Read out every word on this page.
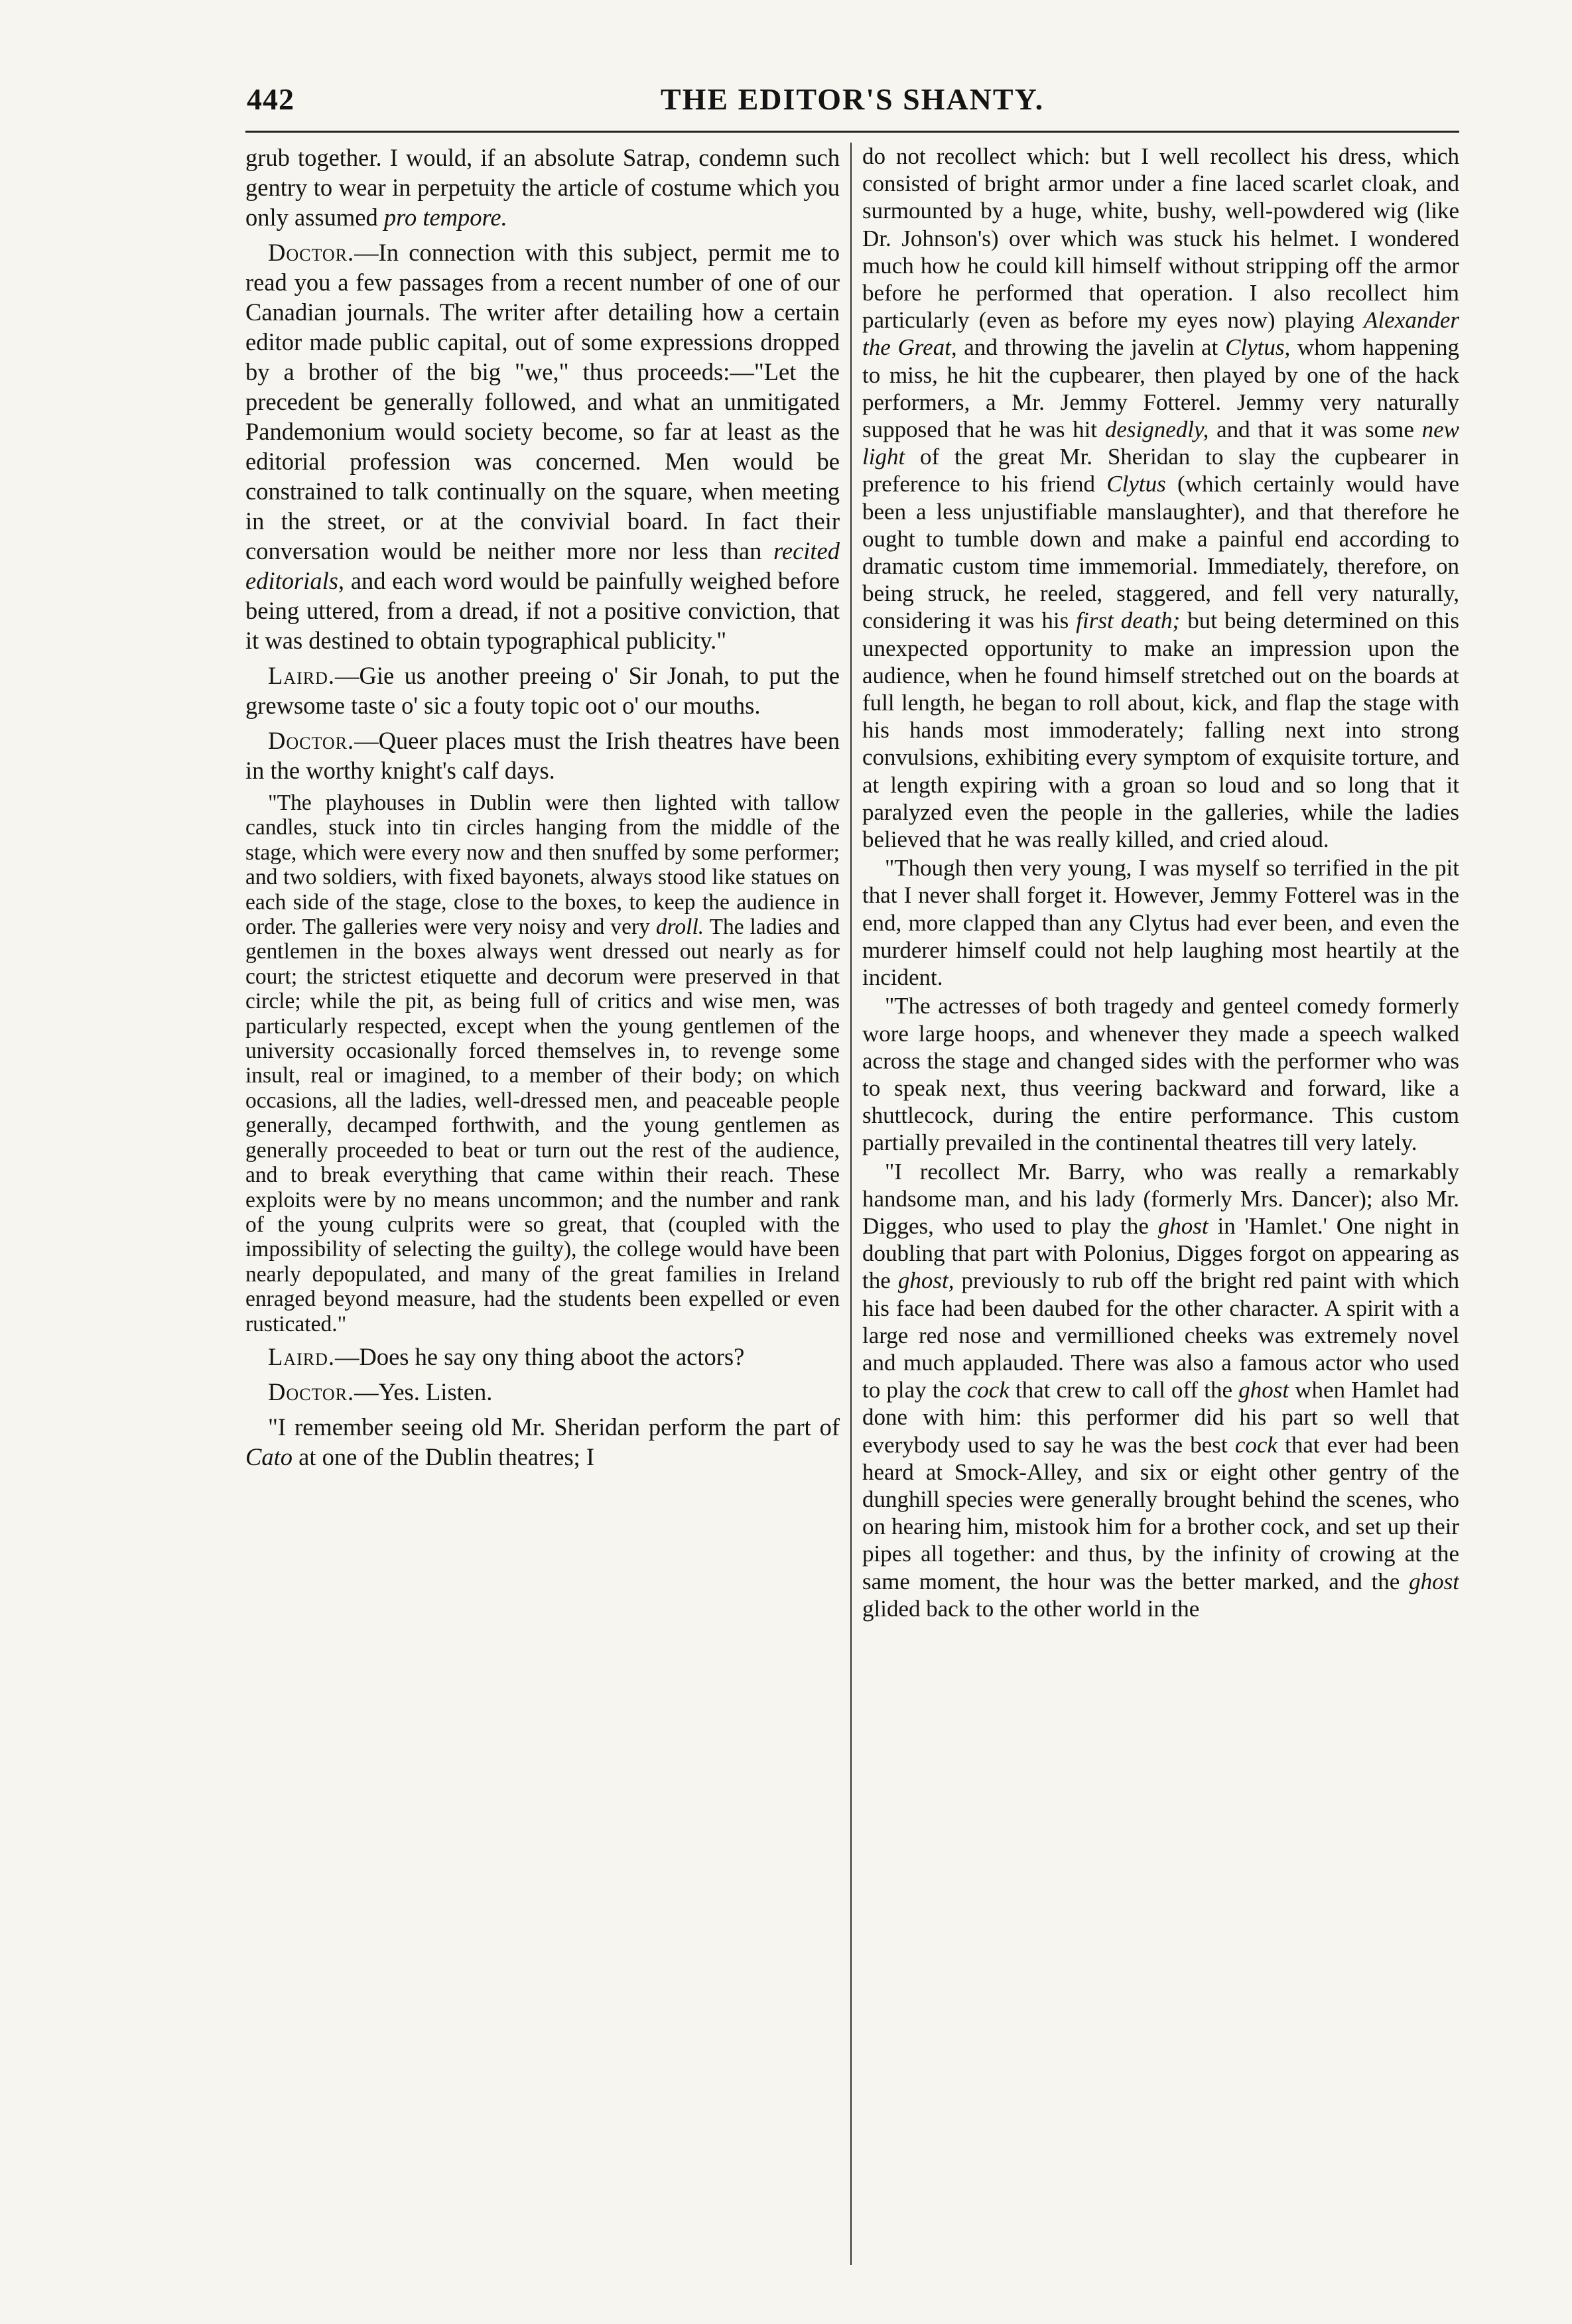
442	THE EDITOR'S SHANTY.

grub together. I would, if an absolute Satrap, condemn such gentry to wear in perpetuity the article of costume which you only assumed pro tempore.

Doctor.—In connection with this subject, permit me to read you a few passages from a recent number of one of our Canadian journals. The writer after detailing how a certain editor made public capital, out of some expressions dropped by a brother of the big "we," thus proceeds:—"Let the precedent be generally followed, and what an unmitigated Pandemonium would society become, so far at least as the editorial profession was concerned. Men would be constrained to talk continually on the square, when meeting in the street, or at the convivial board. In fact their conversation would be neither more nor less than recited editorials, and each word would be painfully weighed before being uttered, from a dread, if not a positive conviction, that it was destined to obtain typographical publicity."

Laird.—Gie us another preeing o' Sir Jonah, to put the grewsome taste o' sic a fouty topic oot o' our mouths.

Doctor.—Queer places must the Irish theatres have been in the worthy knight's calf days.

"The playhouses in Dublin were then lighted with tallow candles, stuck into tin circles hanging from the middle of the stage, which were every now and then snuffed by some performer; and two soldiers, with fixed bayonets, always stood like statues on each side of the stage, close to the boxes, to keep the audience in order. The galleries were very noisy and very droll. The ladies and gentlemen in the boxes always went dressed out nearly as for court; the strictest etiquette and decorum were preserved in that circle; while the pit, as being full of critics and wise men, was particularly respected, except when the young gentlemen of the university occasionally forced themselves in, to revenge some insult, real or imagined, to a member of their body; on which occasions, all the ladies, well-dressed men, and peaceable people generally, decamped forthwith, and the young gentlemen as generally proceeded to beat or turn out the rest of the audience, and to break everything that came within their reach. These exploits were by no means uncommon; and the number and rank of the young culprits were so great, that (coupled with the impossibility of selecting the guilty), the college would have been nearly depopulated, and many of the great families in Ireland enraged beyond measure, had the students been expelled or even rusticated."

Laird.—Does he say ony thing aboot the actors?

Doctor.—Yes. Listen.

"I remember seeing old Mr. Sheridan perform the part of Cato at one of the Dublin theatres; I

do not recollect which: but I well recollect his dress, which consisted of bright armor under a fine laced scarlet cloak, and surmounted by a huge, white, bushy, well-powdered wig (like Dr. Johnson's) over which was stuck his helmet. I wondered much how he could kill himself without stripping off the armor before he performed that operation. I also recollect him particularly (even as before my eyes now) playing Alexander the Great, and throwing the javelin at Clytus, whom happening to miss, he hit the cupbearer, then played by one of the hack performers, a Mr. Jemmy Fotterel. Jemmy very naturally supposed that he was hit designedly, and that it was some new light of the great Mr. Sheridan to slay the cupbearer in preference to his friend Clytus (which certainly would have been a less unjustifiable manslaughter), and that therefore he ought to tumble down and make a painful end according to dramatic custom time immemorial. Immediately, therefore, on being struck, he reeled, staggered, and fell very naturally, considering it was his first death; but being determined on this unexpected opportunity to make an impression upon the audience, when he found himself stretched out on the boards at full length, he began to roll about, kick, and flap the stage with his hands most immoderately; falling next into strong convulsions, exhibiting every symptom of exquisite torture, and at length expiring with a groan so loud and so long that it paralyzed even the people in the galleries, while the ladies believed that he was really killed, and cried aloud.

"Though then very young, I was myself so terrified in the pit that I never shall forget it. However, Jemmy Fotterel was in the end, more clapped than any Clytus had ever been, and even the murderer himself could not help laughing most heartily at the incident.

"The actresses of both tragedy and genteel comedy formerly wore large hoops, and whenever they made a speech walked across the stage and changed sides with the performer who was to speak next, thus veering backward and forward, like a shuttlecock, during the entire performance. This custom partially prevailed in the continental theatres till very lately.

"I recollect Mr. Barry, who was really a remarkably handsome man, and his lady (formerly Mrs. Dancer); also Mr. Digges, who used to play the ghost in 'Hamlet.' One night in doubling that part with Polonius, Digges forgot on appearing as the ghost, previously to rub off the bright red paint with which his face had been daubed for the other character. A spirit with a large red nose and vermillioned cheeks was extremely novel and much applauded. There was also a famous actor who used to play the cock that crew to call off the ghost when Hamlet had done with him: this performer did his part so well that everybody used to say he was the best cock that ever had been heard at Smock-Alley, and six or eight other gentry of the dunghill species were generally brought behind the scenes, who on hearing him, mistook him for a brother cock, and set up their pipes all together: and thus, by the infinity of crowing at the same moment, the hour was the better marked, and the ghost glided back to the other world in the
